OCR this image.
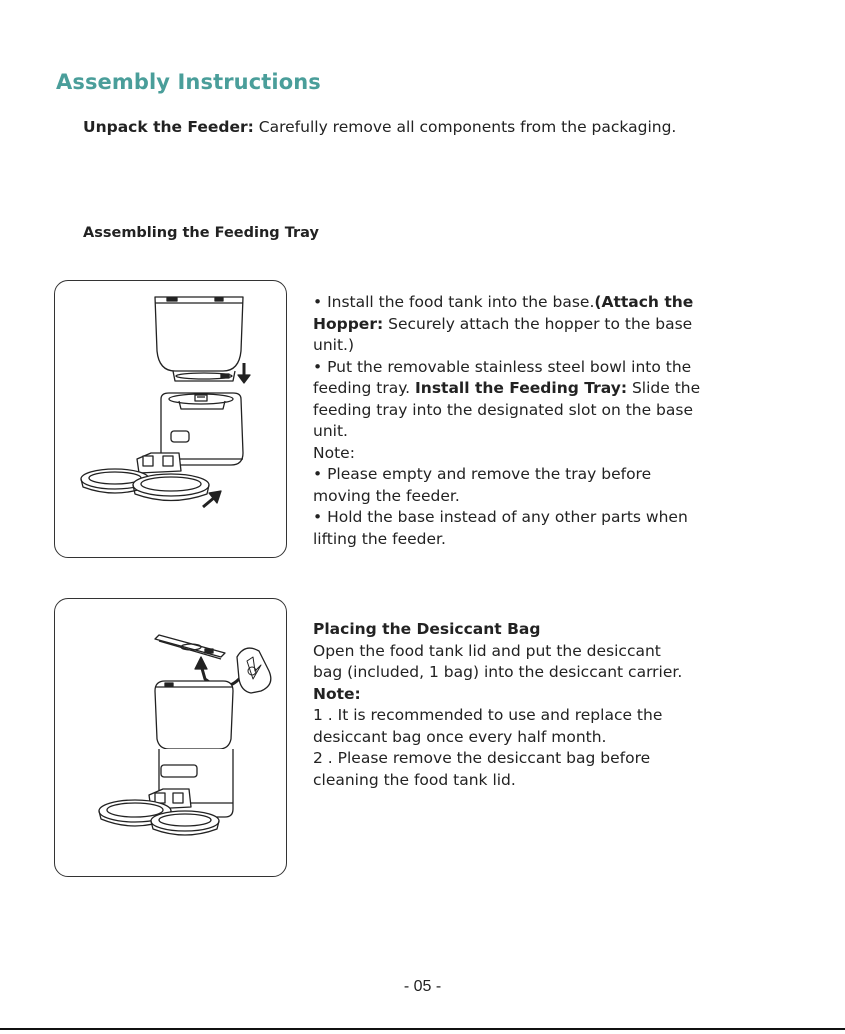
Assembly Instructions
Unpack the Feeder: Carefully remove all components from the packaging.
Assembling the Feeding Tray
• Install the food tank into the base.(Attach the
Hopper: Securely attach the hopper to the base
unit.)
• Put the removable stainless steel bowl into the
feeding tray. Install the Feeding Tray: Slide the
feeding tray into the designated slot on the base
unit.
Note:
• Please empty and remove the tray before
moving the feeder.
• Hold the base instead of any other parts when
lifting the feeder.
Placing the Desiccant Bag
Open the food tank lid and put the desiccant
bag (included, 1 bag) into the desiccant carrier.
Note:
1 . It is recommended to use and replace the
desiccant bag once every half month.
2 . Please remove the desiccant bag before
cleaning the food tank lid.
- 05 -
